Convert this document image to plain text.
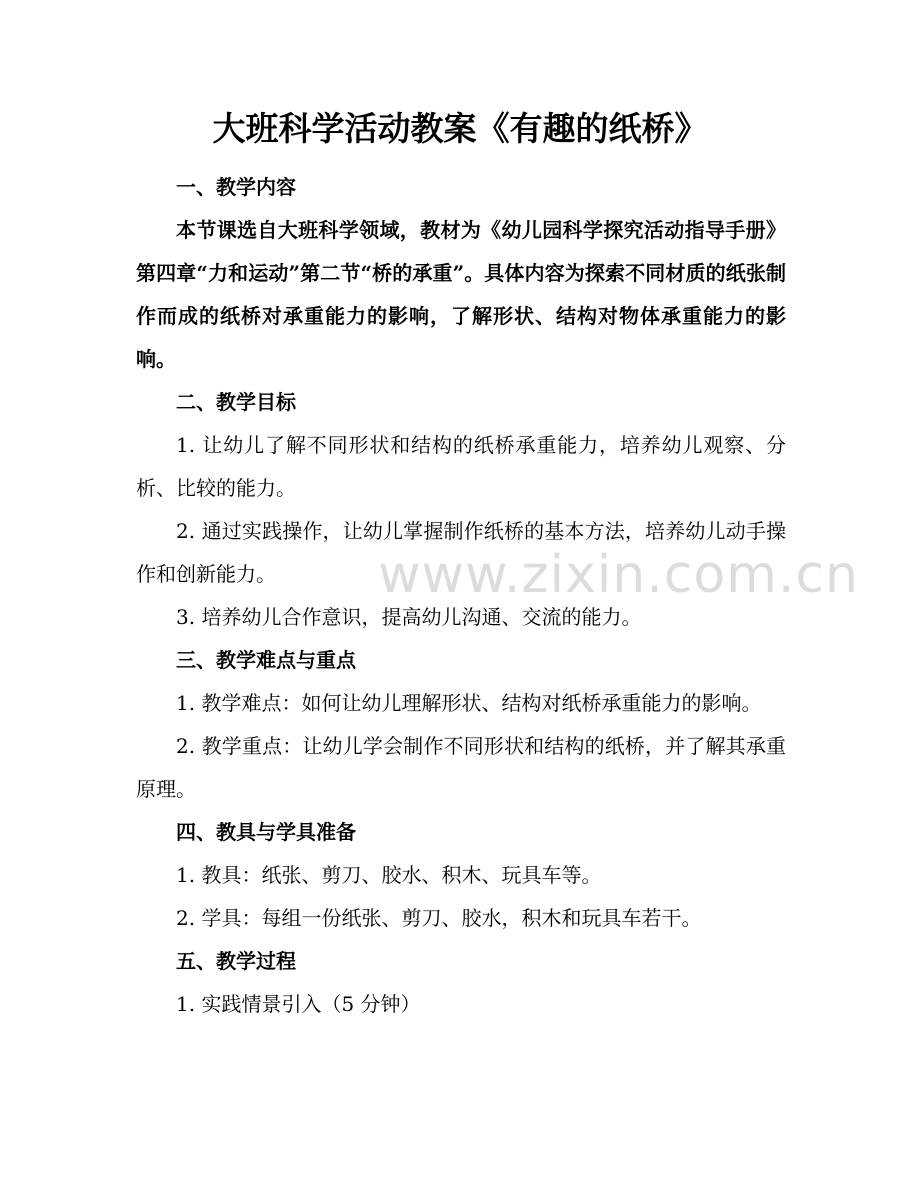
大班科学活动教案《有趣的纸桥》

一、教学内容

本节课选自大班科学领域，教材为《幼儿园科学探究活动指导手册》第四章“力和运动”第二节“桥的承重”。具体内容为探索不同材质的纸张制作而成的纸桥对承重能力的影响，了解形状、结构对物体承重能力的影响。

二、教学目标

1. 让幼儿了解不同形状和结构的纸桥承重能力，培养幼儿观察、分析、比较的能力。

2. 通过实践操作，让幼儿掌握制作纸桥的基本方法，培养幼儿动手操作和创新能力。

3. 培养幼儿合作意识，提高幼儿沟通、交流的能力。

三、教学难点与重点

1. 教学难点：如何让幼儿理解形状、结构对纸桥承重能力的影响。

2. 教学重点：让幼儿学会制作不同形状和结构的纸桥，并了解其承重原理。

四、教具与学具准备

1. 教具：纸张、剪刀、胶水、积木、玩具车等。

2. 学具：每组一份纸张、剪刀、胶水，积木和玩具车若干。

五、教学过程

1. 实践情景引入（5 分钟）

www.zixin.com.cn
